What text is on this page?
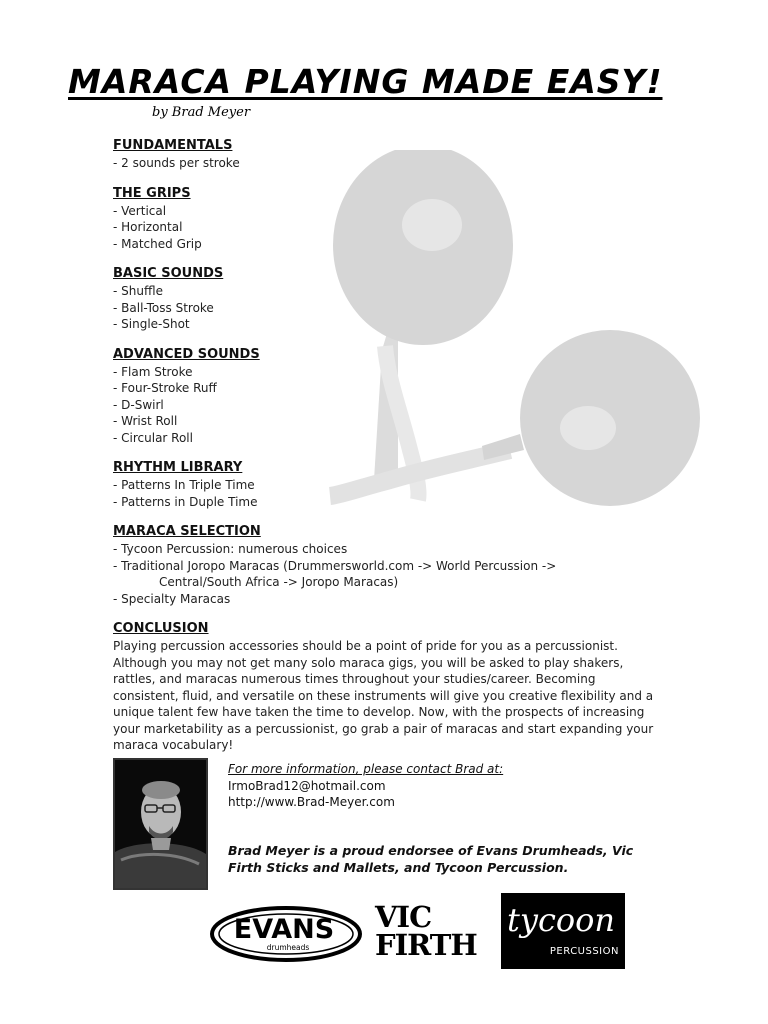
MARACA PLAYING MADE EASY!
by Brad Meyer
FUNDAMENTALS
- 2 sounds per stroke
THE GRIPS
- Vertical
- Horizontal
- Matched Grip
BASIC SOUNDS
- Shuffle
- Ball-Toss Stroke
- Single-Shot
ADVANCED SOUNDS
- Flam Stroke
- Four-Stroke Ruff
- D-Swirl
- Wrist Roll
- Circular Roll
RHYTHM LIBRARY
- Patterns In Triple Time
- Patterns in Duple Time
MARACA SELECTION
- Tycoon Percussion: numerous choices
- Traditional Joropo Maracas (Drummersworld.com -> World Percussion ->
Central/South Africa -> Joropo Maracas)
- Specialty Maracas
CONCLUSION

Playing percussion accessories should be a point of pride for you as a percussionist. Although you may not get many solo maraca gigs, you will be asked to play shakers, rattles, and maracas numerous times throughout your studies/career. Becoming consistent, fluid, and versatile on these instruments will give you creative flexibility and a unique talent few have taken the time to develop. Now, with the prospects of increasing your marketability as a percussionist, go grab a pair of maracas and start expanding your maraca vocabulary!

For more information, please contact Brad at:
IrmoBrad12@hotmail.com
http://www.Brad-Meyer.com
Brad Meyer is a proud endorsee of Evans Drumheads, Vic Firth Sticks and Mallets, and Tycoon Percussion.
EVANS
drumheads
VIC
FIRTH
tycoon
PERCUSSION
